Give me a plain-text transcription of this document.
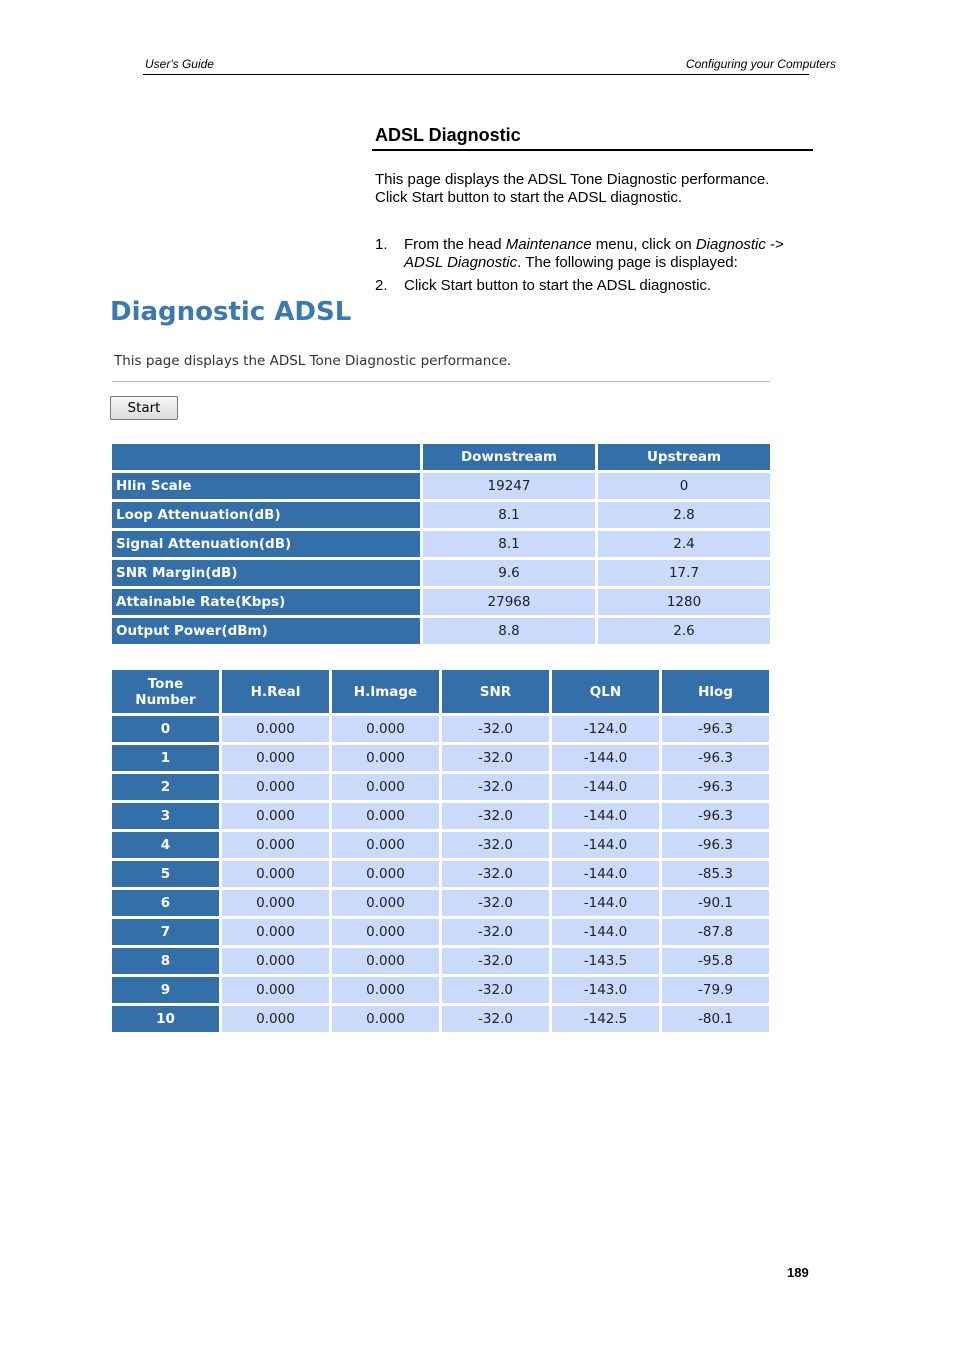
User's Guide	Configuring your Computers
ADSL Diagnostic
This page displays the ADSL Tone Diagnostic performance.
Click Start button to start the ADSL diagnostic.
1.	From the head Maintenance menu, click on Diagnostic -> ADSL Diagnostic. The following page is displayed:
2.	Click Start button to start the ADSL diagnostic.
Diagnostic ADSL
This page displays the ADSL Tone Diagnostic performance.
Start
	Downstream	Upstream
Hlin Scale	19247	0
Loop Attenuation(dB)	8.1	2.8
Signal Attenuation(dB)	8.1	2.4
SNR Margin(dB)	9.6	17.7
Attainable Rate(Kbps)	27968	1280
Output Power(dBm)	8.8	2.6
Tone
Number	H.Real	H.Image	SNR	QLN	Hlog
0	0.000	0.000	-32.0	-124.0	-96.3
1	0.000	0.000	-32.0	-144.0	-96.3
2	0.000	0.000	-32.0	-144.0	-96.3
3	0.000	0.000	-32.0	-144.0	-96.3
4	0.000	0.000	-32.0	-144.0	-96.3
5	0.000	0.000	-32.0	-144.0	-85.3
6	0.000	0.000	-32.0	-144.0	-90.1
7	0.000	0.000	-32.0	-144.0	-87.8
8	0.000	0.000	-32.0	-143.5	-95.8
9	0.000	0.000	-32.0	-143.0	-79.9
10	0.000	0.000	-32.0	-142.5	-80.1
189
